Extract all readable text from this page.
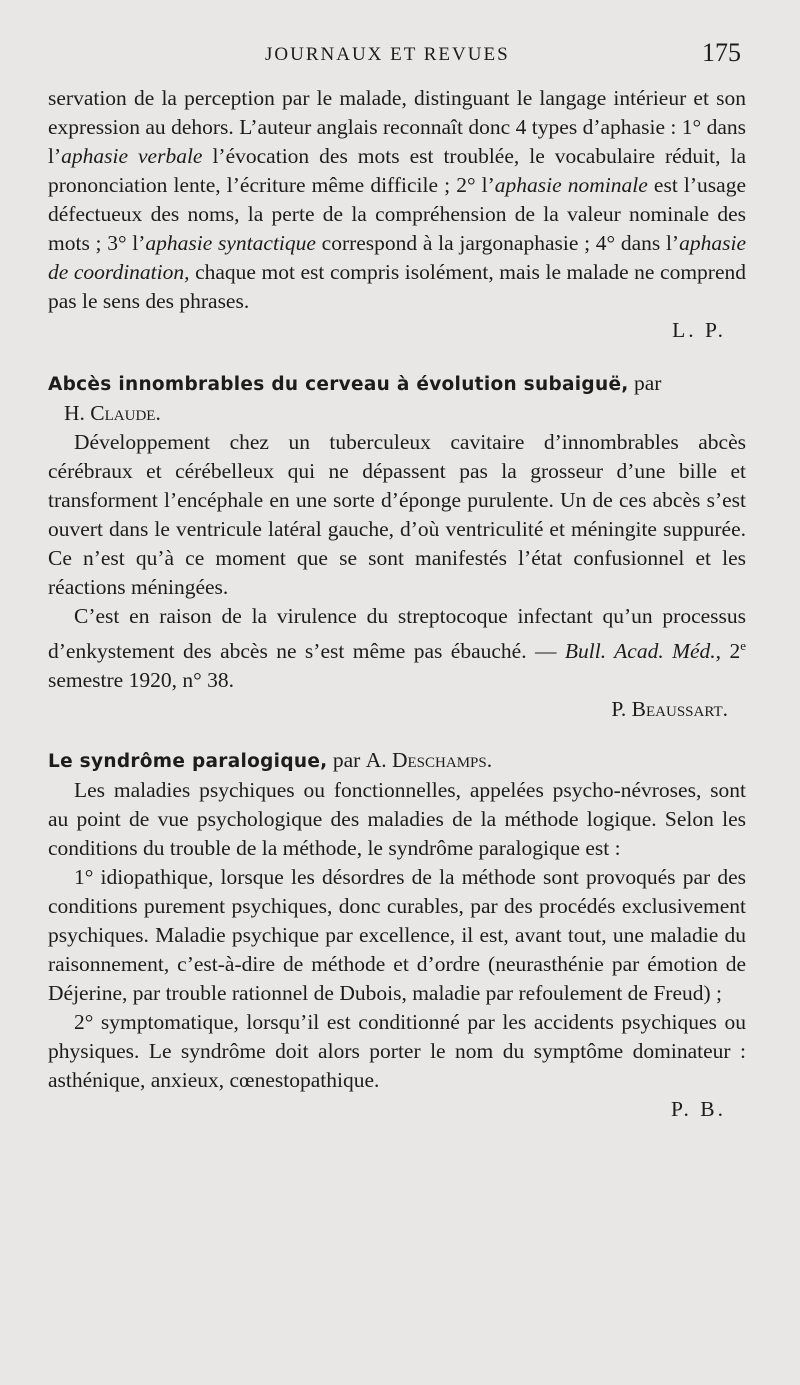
JOURNAUX ET REVUES	175

servation de la perception par le malade, distinguant le langage intérieur et son expression au dehors. L’auteur anglais reconnaît donc 4 types d’aphasie : 1° dans l’aphasie verbale l’évocation des mots est troublée, le vocabulaire réduit, la prononciation lente, l’écriture même difficile ; 2° l’aphasie nominale est l’usage défectueux des noms, la perte de la compréhension de la valeur nominale des mots ; 3° l’aphasie syntactique correspond à la jargonaphasie ; 4° dans l’aphasie de coordination, chaque mot est compris isolément, mais le malade ne comprend pas le sens des phrases.

L. P.

Abcès innombrables du cerveau à évolution subaiguë, par

H. Claude.

Développement chez un tuberculeux cavitaire d’innombrables abcès cérébraux et cérébelleux qui ne dépassent pas la grosseur d’une bille et transforment l’encéphale en une sorte d’éponge purulente. Un de ces abcès s’est ouvert dans le ventricule latéral gauche, d’où ventriculité et méningite suppurée. Ce n’est qu’à ce moment que se sont manifestés l’état confusionnel et les réactions méningées.

C’est en raison de la virulence du streptocoque infectant qu’un processus d’enkystement des abcès ne s’est même pas ébauché. — Bull. Acad. Méd., 2e semestre 1920, n° 38.

P. Beaussart.

Le syndrôme paralogique, par A. Deschamps.

Les maladies psychiques ou fonctionnelles, appelées psycho-névroses, sont au point de vue psychologique des maladies de la méthode logique. Selon les conditions du trouble de la méthode, le syndrôme paralogique est :

1° idiopathique, lorsque les désordres de la méthode sont provoqués par des conditions purement psychiques, donc curables, par des procédés exclusivement psychiques. Maladie psychique par excellence, il est, avant tout, une maladie du raisonnement, c’est-à-dire de méthode et d’ordre (neurasthénie par émotion de Déjerine, par trouble rationnel de Dubois, maladie par refoulement de Freud) ;

2° symptomatique, lorsqu’il est conditionné par les accidents psychiques ou physiques. Le syndrôme doit alors porter le nom du symptôme dominateur : asthénique, anxieux, cœnestopathique.

P. B.
